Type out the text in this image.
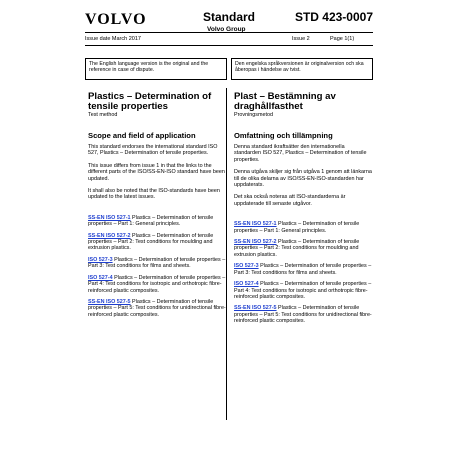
VOLVO	Standard
Volvo Group
STD 423-0007
Issue date March 2017	Issue 2	Page 1(1)
The English language version is the original and the reference in case of dispute.
Den engelska språkversionen är originalversion och ska åberopas i händelse av tvist.
Plastics – Determination of tensile properties
Test method
Scope and field of application
This standard endorses the international standard ISO 527, Plastics – Determination of tensile properties.
This issue differs from issue 1 in that the links to the different parts of the ISO/SS-EN-ISO standard have been updated.
It shall also be noted that the ISO-standards have been updated to the latest issues.
SS-EN ISO 527-1 Plastics – Determination of tensile properties – Part 1: General principles.
SS-EN ISO 527-2 Plastics – Determination of tensile properties – Part 2: Test conditions for moulding and extrusion plastics.
ISO 527-3 Plastics – Determination of tensile properties – Part 3: Test conditions for films and sheets.
ISO 527-4 Plastics – Determination of tensile properties – Part 4: Test conditions for isotropic and orthotropic fibre-reinforced plastic composites.
SS-EN ISO 527-5 Plastics – Determination of tensile properties – Part 5: Test conditions for unidirectional fibre-reinforced plastic composites.
Plast – Bestämning av draghållfasthet
Provningsmetod
Omfattning och tillämpning
Denna standard ikraftsätter den internationella standarden ISO 527, Plastics – Determination of tensile properties.
Denna utgåva skiljer sig från utgåva 1 genom att länkarna till de olika delarna av ISO/SS-EN-ISO-standarden har uppdaterats.
Det ska också noteras att ISO-standarderna är uppdaterade till senaste utgåvor.
SS-EN ISO 527-1 Plastics – Determination of tensile properties – Part 1: General principles.
SS-EN ISO 527-2 Plastics – Determination of tensile properties – Part 2: Test conditions for moulding and extrusion plastics.
ISO 527-3 Plastics – Determination of tensile properties – Part 3: Test conditions for films and sheets.
ISO 527-4 Plastics – Determination of tensile properties – Part 4: Test conditions for isotropic and orthotropic fibre-reinforced plastic composites.
SS-EN ISO 527-5 Plastics – Determination of tensile properties – Part 5: Test conditions for unidirectional fibre-reinforced plastic composites.
